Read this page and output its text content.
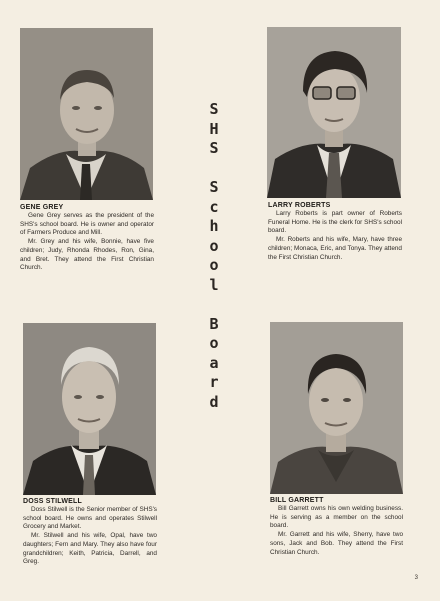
S
H
S
S
c
h
o
o
l
B
o
a
r
d
GENE GREY

Gene Grey serves as the president of the SHS's school board. He is owner and operator of Farmers Produce and Mill.

Mr. Grey and his wife, Bonnie, have five children; Judy, Rhonda Rhodes, Ron, Gina, and Bret. They attend the First Christian Church.

LARRY ROBERTS

Larry Roberts is part owner of Roberts Funeral Home. He is the clerk for SHS's school board.

Mr. Roberts and his wife, Mary, have three children; Monaca, Eric, and Tonya. They attend the First Christian Church.

DOSS STILWELL

Doss Stilwell is the Senior member of SHS's school board. He owns and operates Stilwell Grocery and Market.

Mr. Stilwell and his wife, Opal, have two daughters; Fern and Mary. They also have four grandchildren; Keith, Patricia, Darrell, and Greg.

BILL GARRETT

Bill Garrett owns his own welding business. He is serving as a member on the school board.

Mr. Garrett and his wife, Sherry, have two sons, Jack and Bob. They attend the First Christian Church.

3
